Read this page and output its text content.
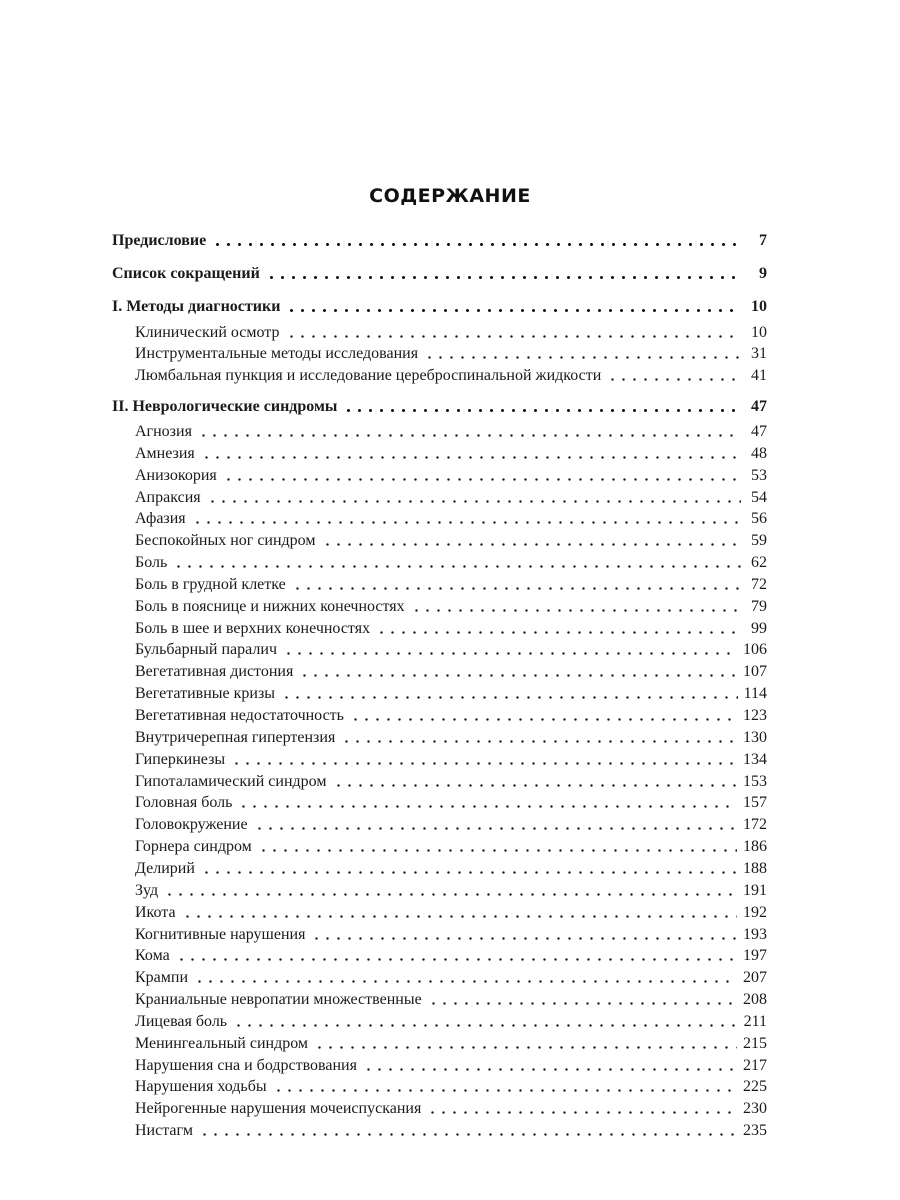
СОДЕРЖАНИЕ
Предисловие	7
Список сокращений	9
I. Методы диагностики	10
Клинический осмотр	10
Инструментальные методы исследования	31
Люмбальная пункция и исследование цереброспинальной жидкости	41
II. Неврологические синдромы	47
Агнозия	47
Амнезия	48
Анизокория	53
Апраксия	54
Афазия	56
Беспокойных ног синдром	59
Боль	62
Боль в грудной клетке	72
Боль в пояснице и нижних конечностях	79
Боль в шее и верхних конечностях	99
Бульбарный паралич	106
Вегетативная дистония	107
Вегетативные кризы	114
Вегетативная недостаточность	123
Внутричерепная гипертензия	130
Гиперкинезы	134
Гипоталамический синдром	153
Головная боль	157
Головокружение	172
Горнера синдром	186
Делирий	188
Зуд	191
Икота	192
Когнитивные нарушения	193
Кома	197
Крампи	207
Краниальные невропатии множественные	208
Лицевая боль	211
Менингеальный синдром	215
Нарушения сна и бодрствования	217
Нарушения ходьбы	225
Нейрогенные нарушения мочеиспускания	230
Нистагм	235
